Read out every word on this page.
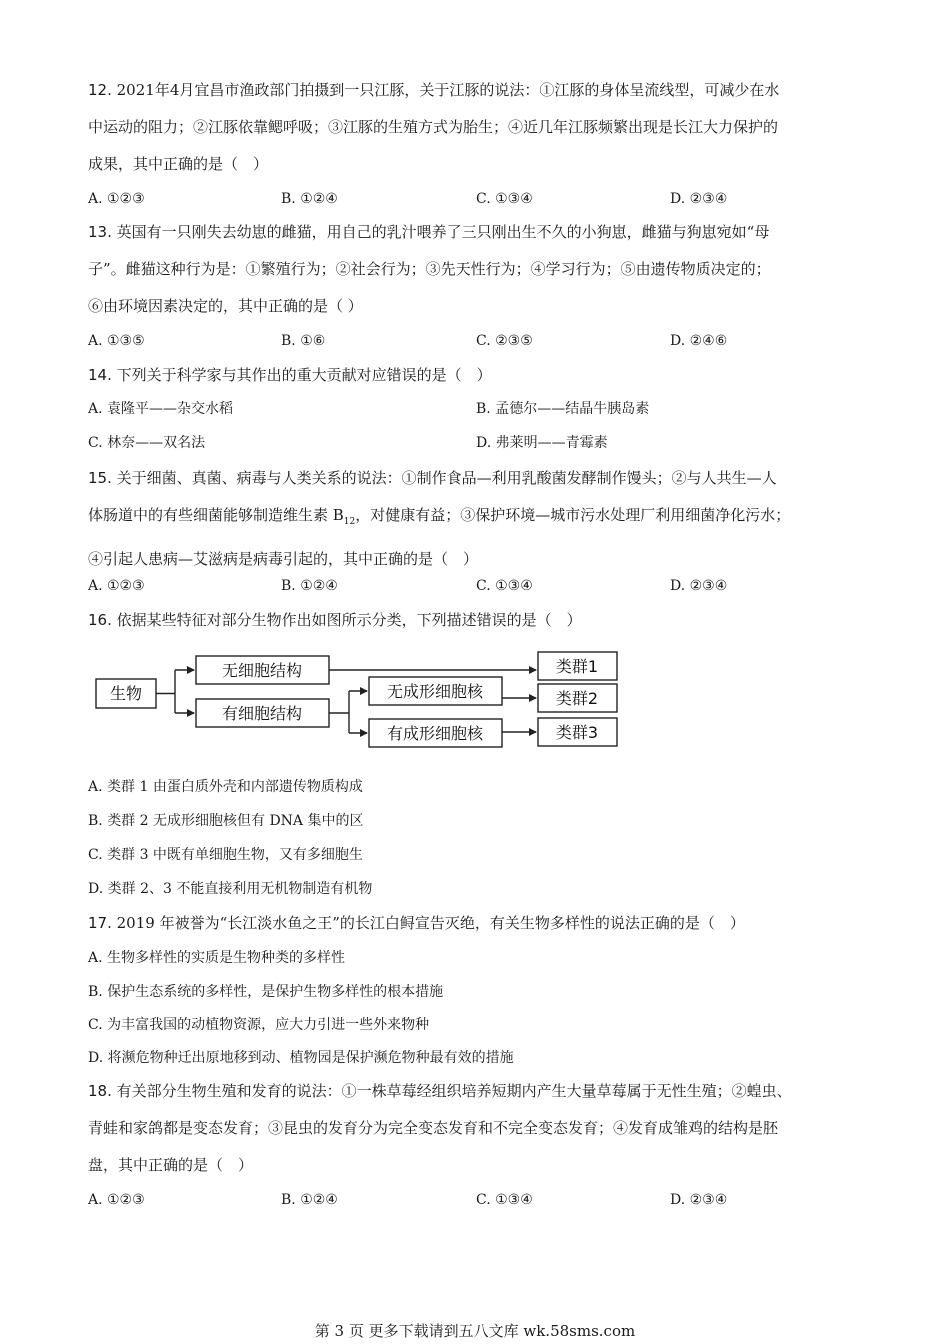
12. 2021年4月宜昌市渔政部门拍摄到一只江豚，关于江豚的说法：①江豚的身体呈流线型，可减少在水

中运动的阻力；②江豚依靠鳃呼吸；③江豚的生殖方式为胎生；④近几年江豚频繁出现是长江大力保护的

成果，其中正确的是（　）

A. ①②③	B. ①②④	C. ①③④	D. ②③④

13. 英国有一只刚失去幼崽的雌猫，用自己的乳汁喂养了三只刚出生不久的小狗崽，雌猫与狗崽宛如“母

子”。雌猫这种行为是：①繁殖行为；②社会行为；③先天性行为；④学习行为；⑤由遗传物质决定的；

⑥由环境因素决定的，其中正确的是（ ）

A. ①③⑤	B. ①⑥	C. ②③⑤	D. ②④⑥

14. 下列关于科学家与其作出的重大贡献对应错误的是（　）

A. 袁隆平——杂交水稻	B. 孟德尔——结晶牛胰岛素
C. 林奈——双名法	D. 弗莱明——青霉素

15. 关于细菌、真菌、病毒与人类关系的说法：①制作食品—利用乳酸菌发酵制作馒头；②与人共生—人

体肠道中的有些细菌能够制造维生素 $B_{12}$，对健康有益；③保护环境—城市污水处理厂利用细菌净化污水；

④引起人患病—艾滋病是病毒引起的，其中正确的是（　）

A. ①②③	B. ①②④	C. ①③④	D. ②③④

16. 依据某些特征对部分生物作出如图所示分类，下列描述错误的是（　）

生物
无细胞结构
有细胞结构
无成形细胞核
有成形细胞核
类群1
类群2
类群3
A. 类群 1 由蛋白质外壳和内部遗传物质构成
B. 类群 2 无成形细胞核但有 DNA 集中的区
C. 类群 3 中既有单细胞生物，又有多细胞生
D. 类群 2、3 不能直接利用无机物制造有机物

17. 2019 年被誉为“长江淡水鱼之王”的长江白鲟宣告灭绝，有关生物多样性的说法正确的是（　）

A. 生物多样性的实质是生物种类的多样性
B. 保护生态系统的多样性，是保护生物多样性的根本措施
C. 为丰富我国的动植物资源，应大力引进一些外来物种
D. 将濒危物种迁出原地移到动、植物园是保护濒危物种最有效的措施

18. 有关部分生物生殖和发育的说法：①一株草莓经组织培养短期内产生大量草莓属于无性生殖；②蝗虫、

青蛙和家鸽都是变态发育；③昆虫的发育分为完全变态发育和不完全变态发育；④发育成雏鸡的结构是胚

盘，其中正确的是（　）

A. ①②③	B. ①②④	C. ①③④	D. ②③④
第 3 页 更多下载请到五八文库 wk.58sms.com
